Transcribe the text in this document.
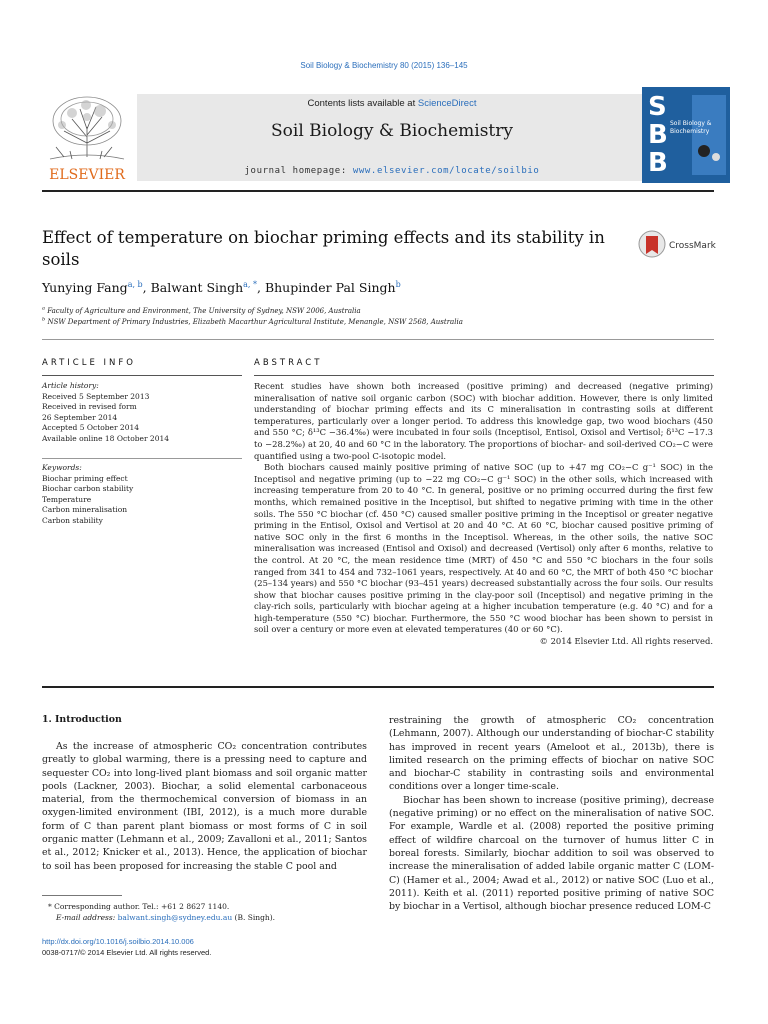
Soil Biology & Biochemistry 80 (2015) 136–145
ELSEVIER
Contents lists available at ScienceDirect
Soil Biology & Biochemistry
journal homepage: www.elsevier.com/locate/soilbio
S
B
B
Soil Biology &
Biochemistry
Effect of temperature on biochar priming effects and its stability in soils
CrossMark
Yunying Fang$^{a, b}$, Balwant Singh$^{a, *}$, Bhupinder Pal Singh$^b$
$^a$ Faculty of Agriculture and Environment, The University of Sydney, NSW 2006, Australia
$^b$ NSW Department of Primary Industries, Elizabeth Macarthur Agricultural Institute, Menangle, NSW 2568, Australia
ARTICLE INFO
Article history:
Received 5 September 2013
Received in revised form
26 September 2014
Accepted 5 October 2014
Available online 18 October 2014
Keywords:
Biochar priming effect
Biochar carbon stability
Temperature
Carbon mineralisation
Carbon stability
ABSTRACT

Recent studies have shown both increased (positive priming) and decreased (negative priming) mineralisation of native soil organic carbon (SOC) with biochar addition. However, there is only limited understanding of biochar priming effects and its C mineralisation in contrasting soils at different temperatures, particularly over a longer period. To address this knowledge gap, two wood biochars (450 and 550 °C; δ¹³C −36.4‰) were incubated in four soils (Inceptisol, Entisol, Oxisol and Vertisol; δ¹³C −17.3 to −28.2‰) at 20, 40 and 60 °C in the laboratory. The proportions of biochar- and soil-derived CO₂−C were quantified using a two-pool C-isotopic model.

Both biochars caused mainly positive priming of native SOC (up to +47 mg CO₂−C g⁻¹ SOC) in the Inceptisol and negative priming (up to −22 mg CO₂−C g⁻¹ SOC) in the other soils, which increased with increasing temperature from 20 to 40 °C. In general, positive or no priming occurred during the first few months, which remained positive in the Inceptisol, but shifted to negative priming with time in the other soils. The 550 °C biochar (cf. 450 °C) caused smaller positive priming in the Inceptisol or greater negative priming in the Entisol, Oxisol and Vertisol at 20 and 40 °C. At 60 °C, biochar caused positive priming of native SOC only in the first 6 months in the Inceptisol. Whereas, in the other soils, the native SOC mineralisation was increased (Entisol and Oxisol) and decreased (Vertisol) only after 6 months, relative to the control. At 20 °C, the mean residence time (MRT) of 450 °C and 550 °C biochars in the four soils ranged from 341 to 454 and 732–1061 years, respectively. At 40 and 60 °C, the MRT of both 450 °C biochar (25–134 years) and 550 °C biochar (93–451 years) decreased substantially across the four soils. Our results show that biochar causes positive priming in the clay-poor soil (Inceptisol) and negative priming in the clay-rich soils, particularly with biochar ageing at a higher incubation temperature (e.g. 40 °C) and for a high-temperature (550 °C) biochar. Furthermore, the 550 °C wood biochar has been shown to persist in soil over a century or more even at elevated temperatures (40 or 60 °C).

© 2014 Elsevier Ltd. All rights reserved.
1. Introduction

As the increase of atmospheric CO₂ concentration contributes greatly to global warming, there is a pressing need to capture and sequester CO₂ into long-lived plant biomass and soil organic matter pools (Lackner, 2003). Biochar, a solid elemental carbonaceous material, from the thermochemical conversion of biomass in an oxygen-limited environment (IBI, 2012), is a much more durable form of C than parent plant biomass or most forms of C in soil organic matter (Lehmann et al., 2009; Zavalloni et al., 2011; Santos et al., 2012; Knicker et al., 2013). Hence, the application of biochar to soil has been proposed for increasing the stable C pool and

restraining the growth of atmospheric CO₂ concentration (Lehmann, 2007). Although our understanding of biochar-C stability has improved in recent years (Ameloot et al., 2013b), there is limited research on the priming effects of biochar on native SOC and biochar-C stability in contrasting soils and environmental conditions over a longer time-scale.

Biochar has been shown to increase (positive priming), decrease (negative priming) or no effect on the mineralisation of native SOC. For example, Wardle et al. (2008) reported the positive priming effect of wildfire charcoal on the turnover of humus litter C in boreal forests. Similarly, biochar addition to soil was observed to increase the mineralisation of added labile organic matter C (LOM-C) (Hamer et al., 2004; Awad et al., 2012) or native SOC (Luo et al., 2011). Keith et al. (2011) reported positive priming of native SOC by biochar in a Vertisol, although biochar presence reduced LOM-C

* Corresponding author. Tel.: +61 2 8627 1140.
E-mail address: balwant.singh@sydney.edu.au (B. Singh).
http://dx.doi.org/10.1016/j.soilbio.2014.10.006
0038-0717/© 2014 Elsevier Ltd. All rights reserved.
